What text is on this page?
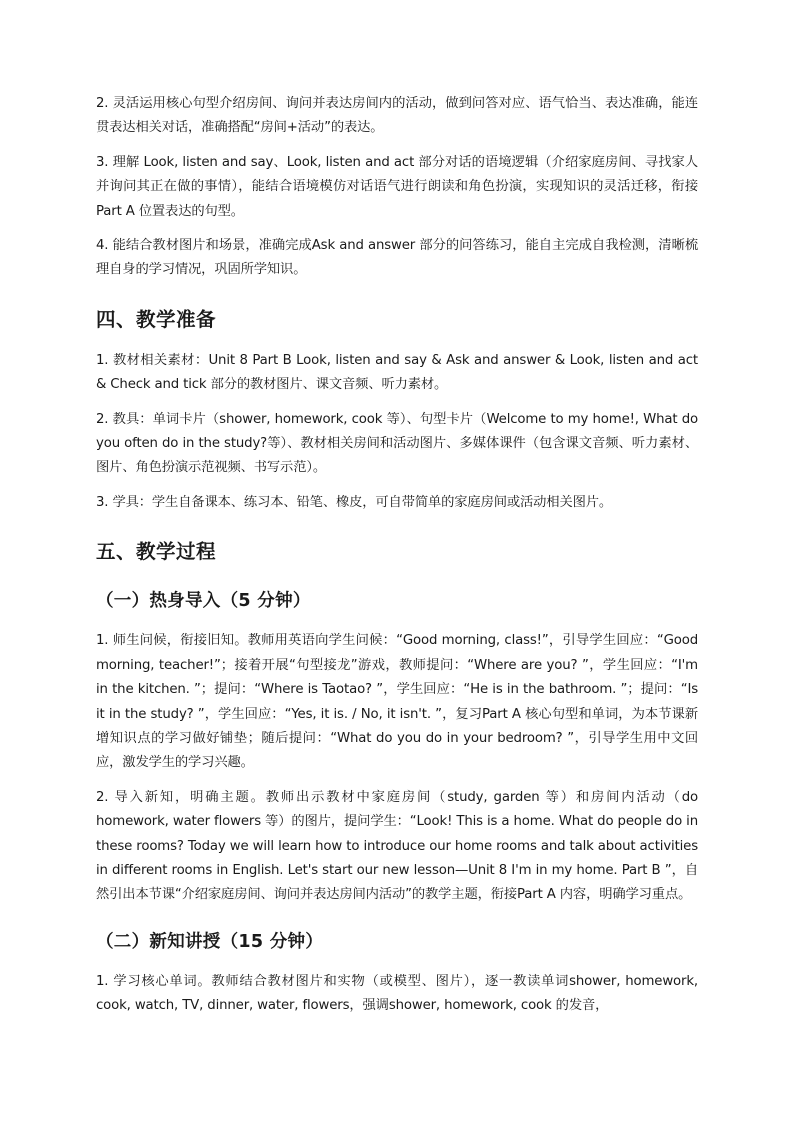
2. 灵活运用核心句型介绍房间、询问并表达房间内的活动，做到问答对应、语气恰当、表达准确，能连贯表达相关对话，准确搭配“房间+活动”的表达。

3. 理解 Look, listen and say、Look, listen and act 部分对话的语境逻辑（介绍家庭房间、寻找家人并询问其正在做的事情），能结合语境模仿对话语气进行朗读和角色扮演，实现知识的灵活迁移，衔接Part A 位置表达的句型。

4. 能结合教材图片和场景，准确完成Ask and answer 部分的问答练习，能自主完成自我检测，清晰梳理自身的学习情况，巩固所学知识。

四、教学准备

1. 教材相关素材：Unit 8 Part B Look, listen and say & Ask and answer & Look, listen and act & Check and tick 部分的教材图片、课文音频、听力素材。

2. 教具：单词卡片（shower, homework, cook 等）、句型卡片（Welcome to my home!, What do you often do in the study?等）、教材相关房间和活动图片、多媒体课件（包含课文音频、听力素材、图片、角色扮演示范视频、书写示范）。

3. 学具：学生自备课本、练习本、铅笔、橡皮，可自带简单的家庭房间或活动相关图片。

五、教学过程
（一）热身导入（5 分钟）

1. 师生问候，衔接旧知。教师用英语向学生问候：“Good morning, class!”，引导学生回应：“Good morning, teacher!”；接着开展“句型接龙”游戏，教师提问：“Where are you? ”，学生回应：“I'm in the kitchen. ”；提问：“Where is Taotao? ”，学生回应：“He is in the bathroom. ”；提问：“Is it in the study? ”，学生回应：“Yes, it is. / No, it isn't. ”，复习Part A 核心句型和单词，为本节课新增知识点的学习做好铺垫；随后提问：“What do you do in your bedroom? ”，引导学生用中文回应，激发学生的学习兴趣。

2. 导入新知，明确主题。教师出示教材中家庭房间（study, garden 等）和房间内活动（do homework, water flowers 等）的图片，提问学生：“Look! This is a home. What do people do in these rooms? Today we will learn how to introduce our home rooms and talk about activities in different rooms in English. Let's start our new lesson—Unit 8 I'm in my home. Part B ”，自然引出本节课“介绍家庭房间、询问并表达房间内活动”的教学主题，衔接Part A 内容，明确学习重点。

（二）新知讲授（15 分钟）

1. 学习核心单词。教师结合教材图片和实物（或模型、图片），逐一教读单词shower, homework, cook, watch, TV, dinner, water, flowers，强调shower, homework, cook 的发音，
